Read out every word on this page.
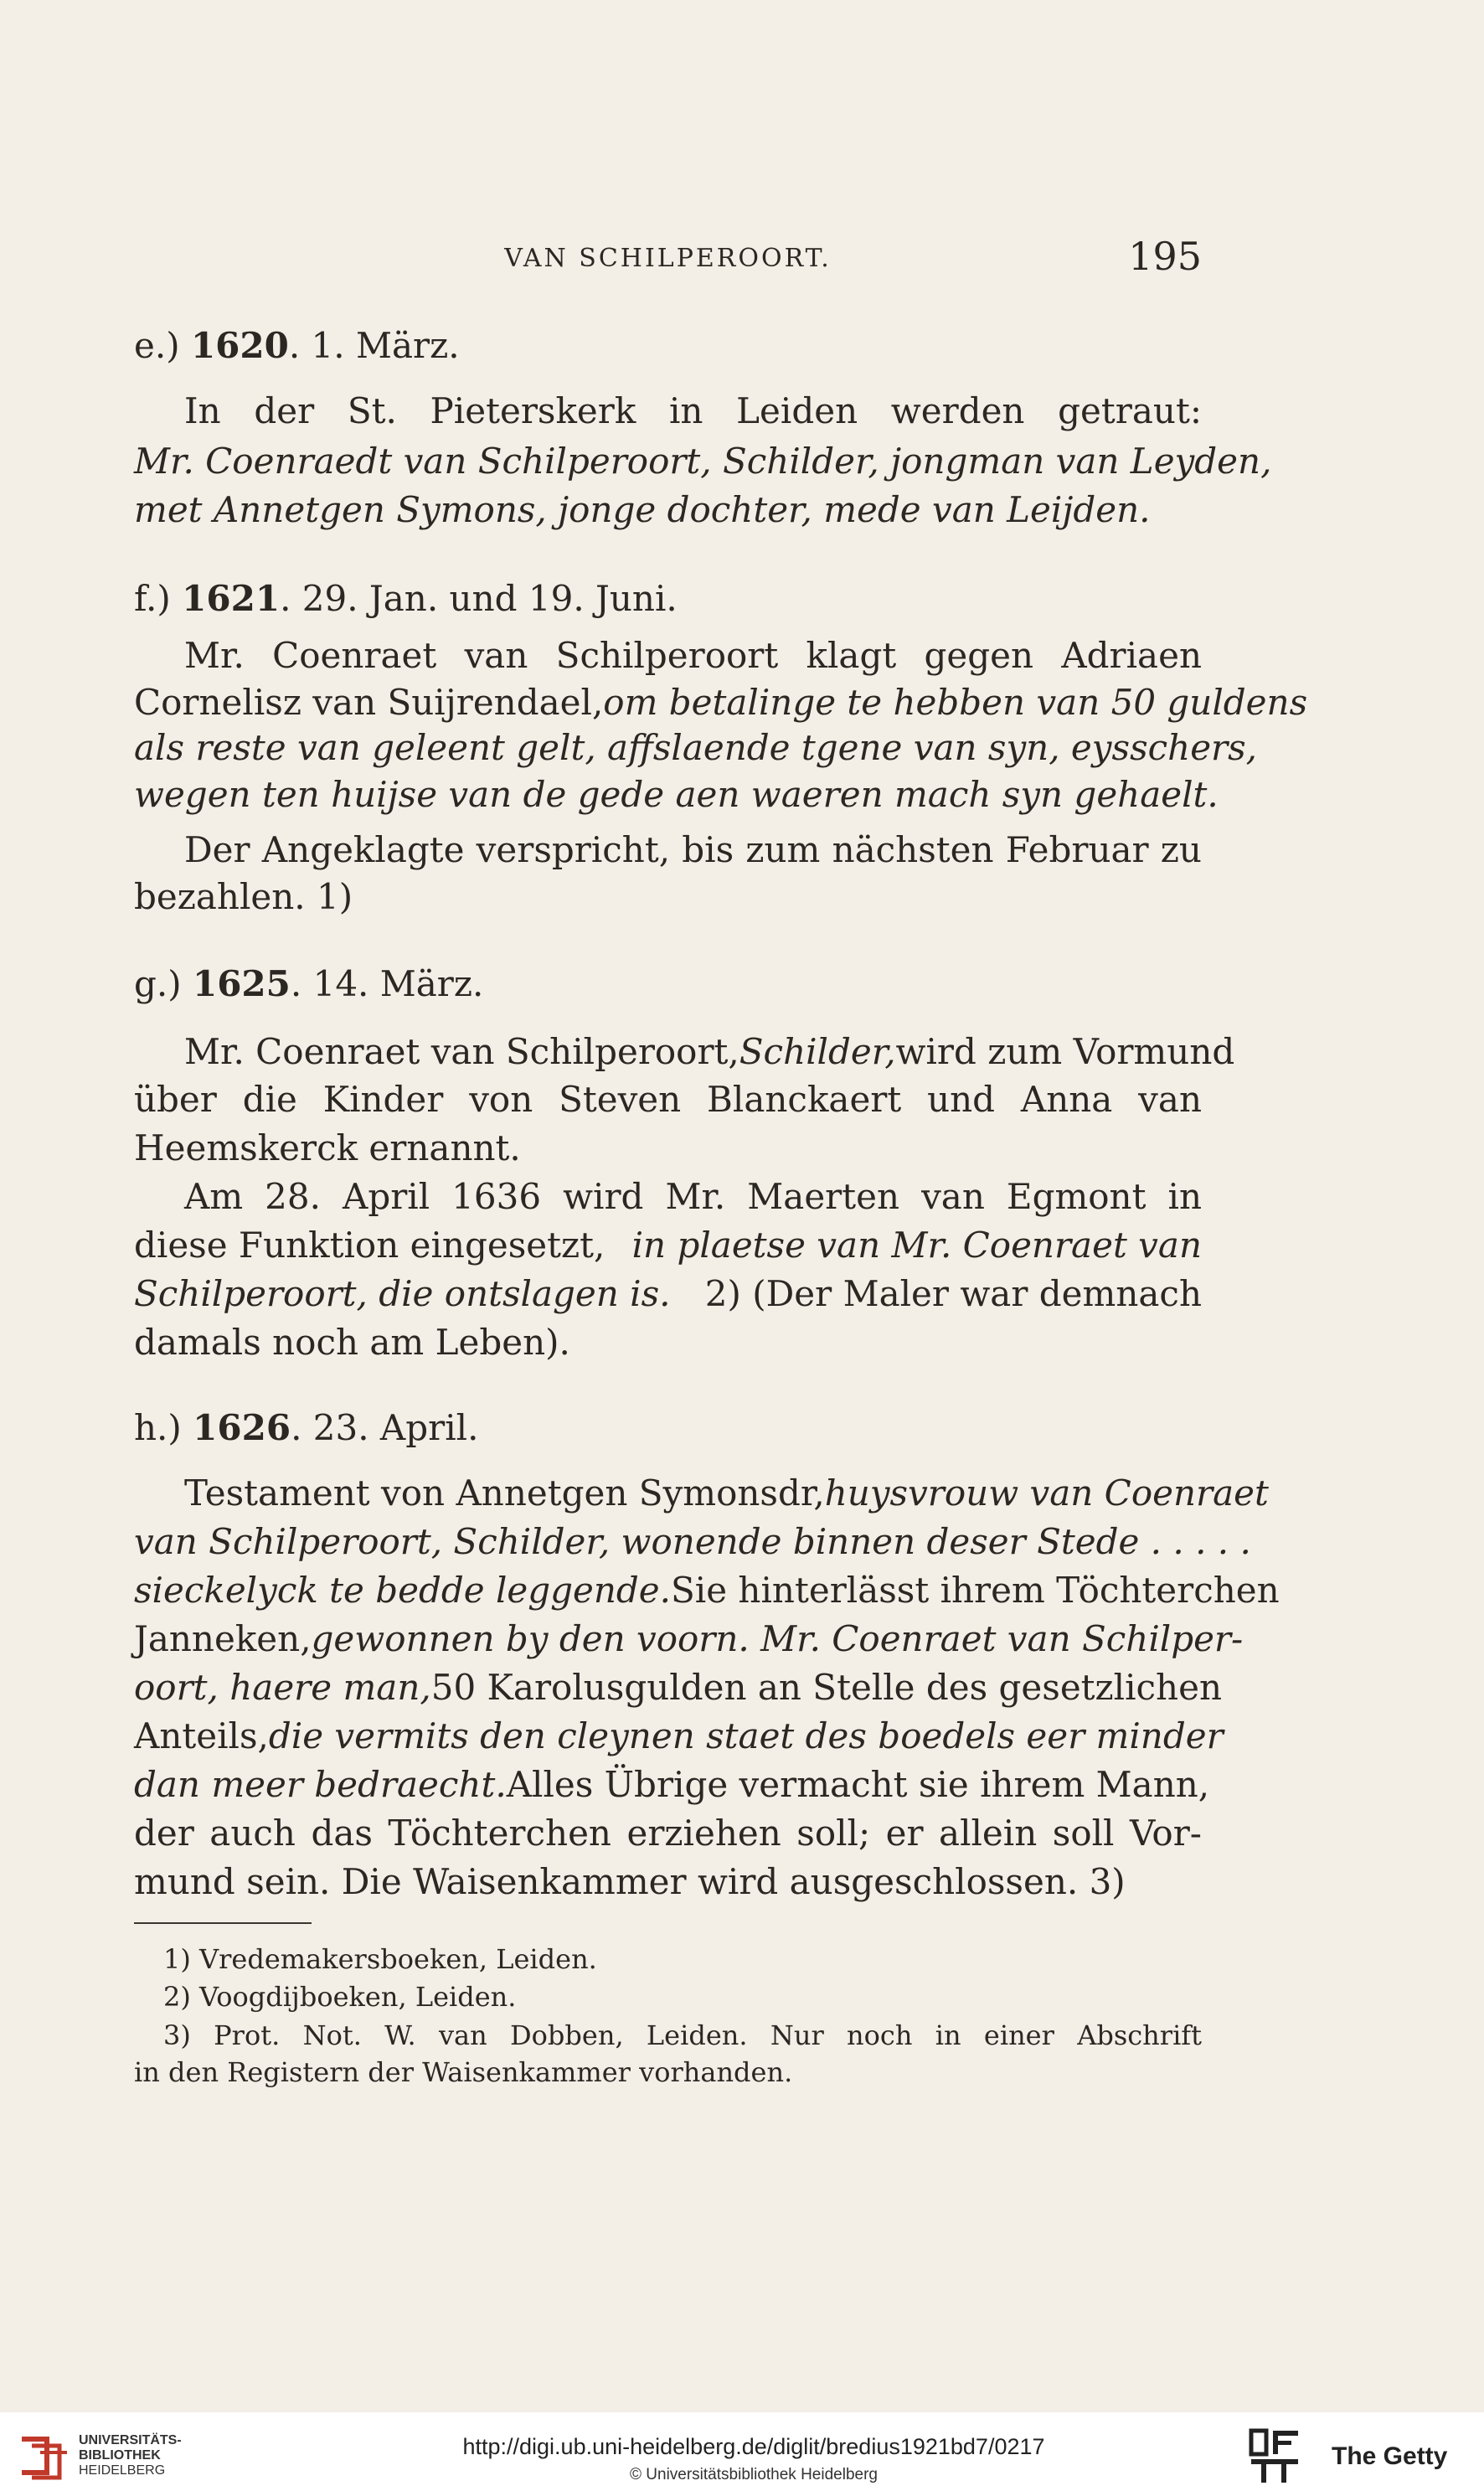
VAN SCHILPEROORT.	195
e.) 1620. 1. März.
In der St. Pieterskerk in Leiden werden getraut:
Mr. Coenraedt van Schilperoort, Schilder, jongman van Leyden,
met Annetgen Symons, jonge dochter, mede van Leijden.
f.) 1621. 29. Jan. und 19. Juni.
Mr. Coenraet van Schilperoort klagt gegen Adriaen
Cornelisz van Suijrendael, om betalinge te hebben van 50 guldens
als reste van geleent gelt, affslaende tgene van syn, eysschers,
wegen ten huijse van de gede aen waeren mach syn gehaelt.
Der Angeklagte verspricht, bis zum nächsten Februar zu
bezahlen. 1)
g.) 1625. 14. März.
Mr. Coenraet van Schilperoort, Schilder, wird zum Vormund
über die Kinder von Steven Blanckaert und Anna van
Heemskerck ernannt.
Am 28. April 1636 wird Mr. Maerten van Egmont in
diese Funktion eingesetzt, in plaetse van Mr. Coenraet van
Schilperoort, die ontslagen is. 2) (Der Maler war demnach
damals noch am Leben).
h.) 1626. 23. April.
Testament von Annetgen Symonsdr, huysvrouw van Coenraet
van Schilperoort, Schilder, wonende binnen deser Stede . . . . .
sieckelyck te bedde leggende. Sie hinterlässt ihrem Töchterchen
Janneken, gewonnen by den voorn. Mr. Coenraet van Schilper-
oort, haere man, 50 Karolusgulden an Stelle des gesetzlichen
Anteils, die vermits den cleynen staet des boedels eer minder
dan meer bedraecht. Alles Übrige vermacht sie ihrem Mann,
der auch das Töchterchen erziehen soll; er allein soll Vor-
mund sein. Die Waisenkammer wird ausgeschlossen. 3)
1) Vredemakersboeken, Leiden.
2) Voogdijboeken, Leiden.
3) Prot. Not. W. van Dobben, Leiden. Nur noch in einer Abschrift
in den Registern der Waisenkammer vorhanden.
UNIVERSITÄTS-
BIBLIOTHEK
HEIDELBERG
http://digi.ub.uni-heidelberg.de/diglit/bredius1921bd7/0217
© Universitätsbibliothek Heidelberg
The Getty
